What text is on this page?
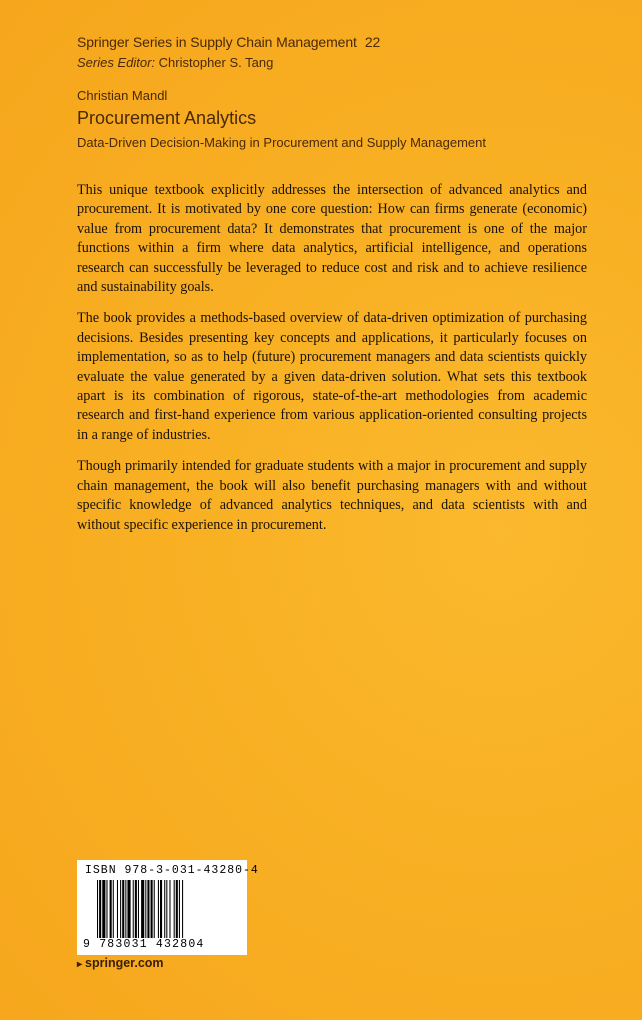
Springer Series in Supply Chain Management 22
Series Editor: Christopher S. Tang
Christian Mandl
Procurement Analytics
Data-Driven Decision-Making in Procurement and Supply Management

This unique textbook explicitly addresses the intersection of advanced analytics and procurement. It is motivated by one core question: How can firms generate (economic) value from procurement data? It demonstrates that procurement is one of the major functions within a firm where data analytics, artificial intelligence, and operations research can successfully be leveraged to reduce cost and risk and to achieve resilience and sustainability goals.

The book provides a methods-based overview of data-driven optimization of purchasing decisions. Besides presenting key concepts and applications, it particularly focuses on implementation, so as to help (future) procurement managers and data scientists quickly evaluate the value generated by a given data-driven solution. What sets this textbook apart is its combination of rigorous, state-of-the-art methodologies from academic research and first-hand experience from various application-oriented consulting projects in a range of industries.

Though primarily intended for graduate students with a major in procurement and supply chain management, the book will also benefit purchasing managers with and without specific knowledge of advanced analytics techniques, and data scientists with and without specific experience in procurement.

ISBN 978-3-031-43280-4
9 783031 432804
▸ springer.com
